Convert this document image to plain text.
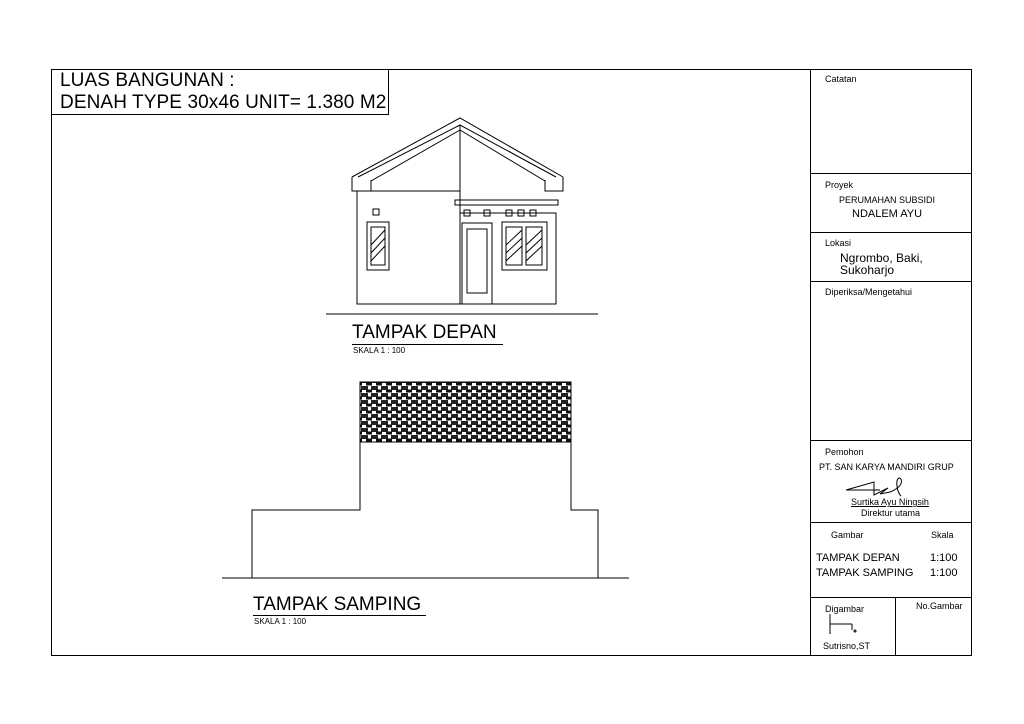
LUAS BANGUNAN :
DENAH TYPE 30x46 UNIT= 1.380 M2
Catatan
Proyek
PERUMAHAN SUBSIDI
NDALEM AYU
Lokasi
Ngrombo, Baki,
Sukoharjo
Diperiksa/Mengetahui
Pemohon
PT. SAN KARYA MANDIRI GRUP
Surtika Ayu Ningsih
Direktur utama
Gambar	Skala
TAMPAK DEPAN	1:100
TAMPAK SAMPING 1:100
Digambar	No.Gambar
Sutrisno,ST
TAMPAK DEPAN
SKALA 1 : 100
TAMPAK SAMPING
SKALA 1 : 100
